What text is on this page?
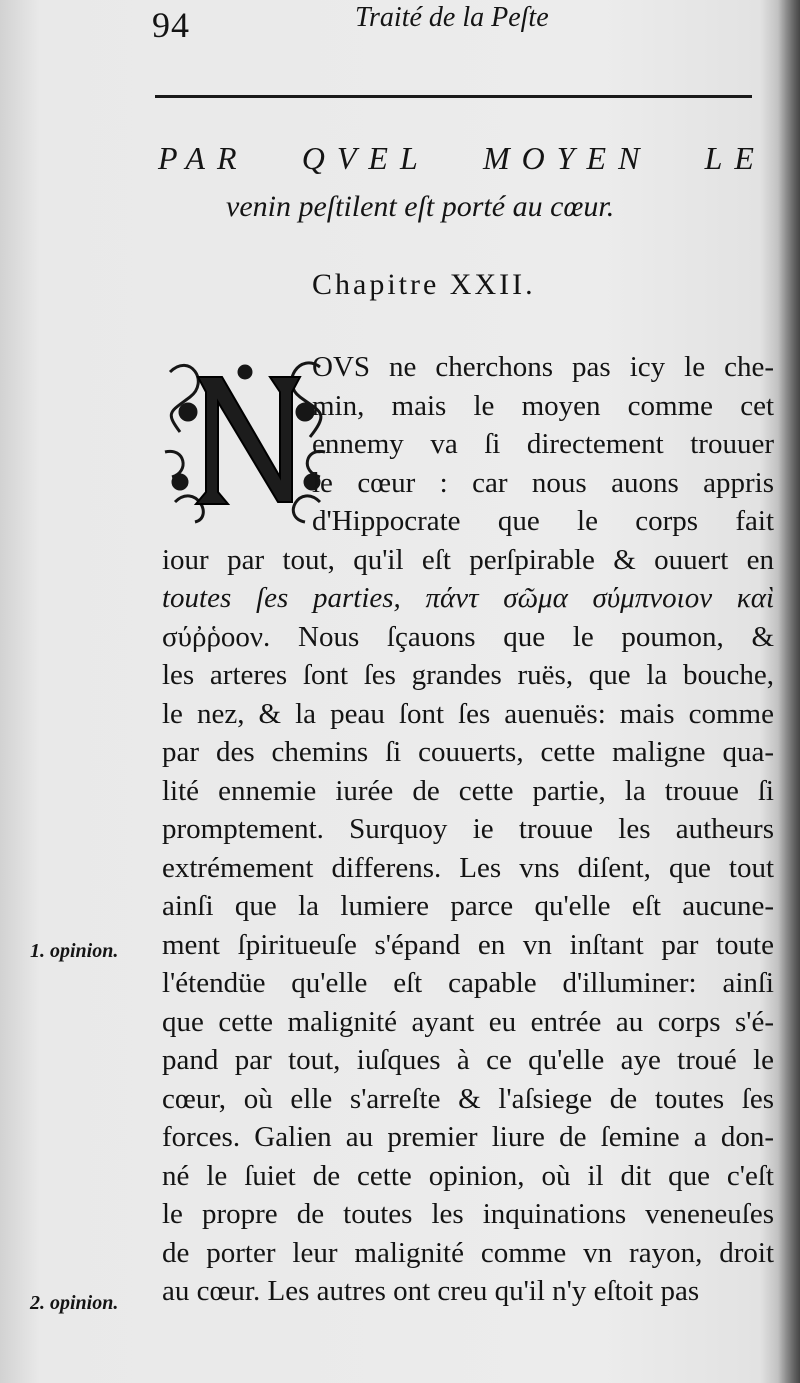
94	Traité de la Peſte
PAR QVEL MOYEN LE
venin peſtilent eſt porté au cœur.
Chapitre XXII.
OVS ne cherchons pas icy le che-
min, mais le moyen comme cet
ennemy va ſi directement trouuer
le cœur : car nous auons appris
d'Hippocrate que le corps fait
iour par tout, qu'il eſt perſpirable & ouuert en
toutes ſes parties, πάντ σῶμα σύμπνοιον καὶ
σύῤῥοον. Nous ſçauons que le poumon, &
les arteres ſont ſes grandes ruës, que la bouche,
le nez, & la peau ſont ſes auenuës: mais comme
par des chemins ſi couuerts, cette maligne qua-
lité ennemie iurée de cette partie, la trouue ſi
promptement. Surquoy ie trouue les autheurs
extrémement differens. Les vns diſent, que tout
ainſi que la lumiere parce qu'elle eſt aucune-
ment ſpiritueuſe s'épand en vn inſtant par toute
l'étendüe qu'elle eſt capable d'illuminer: ainſi
que cette malignité ayant eu entrée au corps s'é-
pand par tout, iuſques à ce qu'elle aye troué le
cœur, où elle s'arreſte & l'aſsiege de toutes ſes
forces. Galien au premier liure de ſemine a don-
né le ſuiet de cette opinion, où il dit que c'eſt
le propre de toutes les inquinations veneneuſes
de porter leur malignité comme vn rayon, droit
au cœur. Les autres ont creu qu'il n'y eſtoit pas
1. opinion.
2. opinion.
